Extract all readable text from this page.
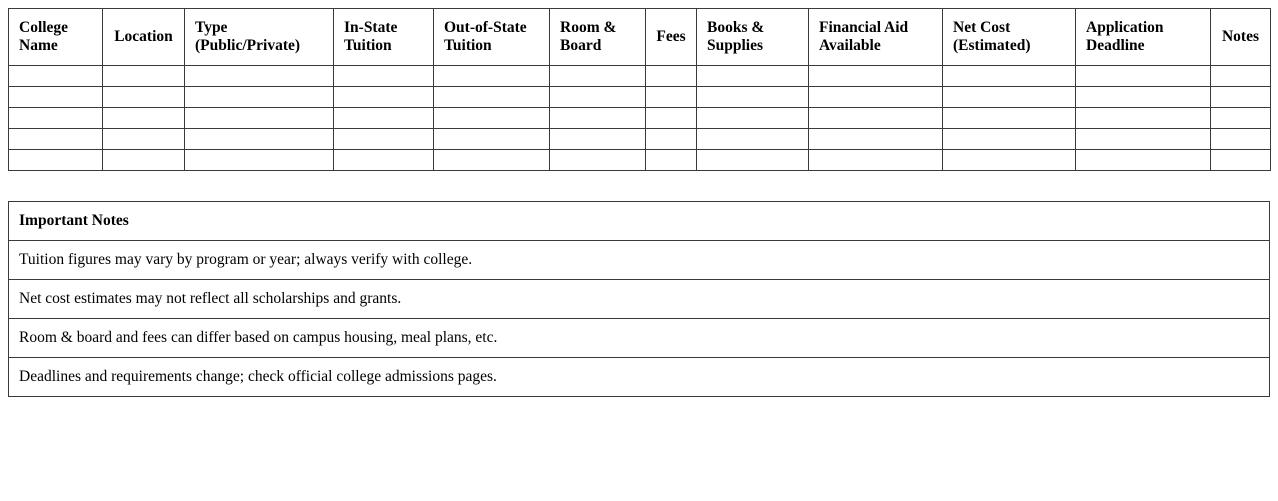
College Name	Location	Type (Public/Private)	In-State Tuition	Out-of-State Tuition	Room & Board	Fees	Books & Supplies	Financial Aid Available	Net Cost (Estimated)	Application Deadline	Notes

Important Notes
Tuition figures may vary by program or year; always verify with college.
Net cost estimates may not reflect all scholarships and grants.
Room & board and fees can differ based on campus housing, meal plans, etc.
Deadlines and requirements change; check official college admissions pages.
